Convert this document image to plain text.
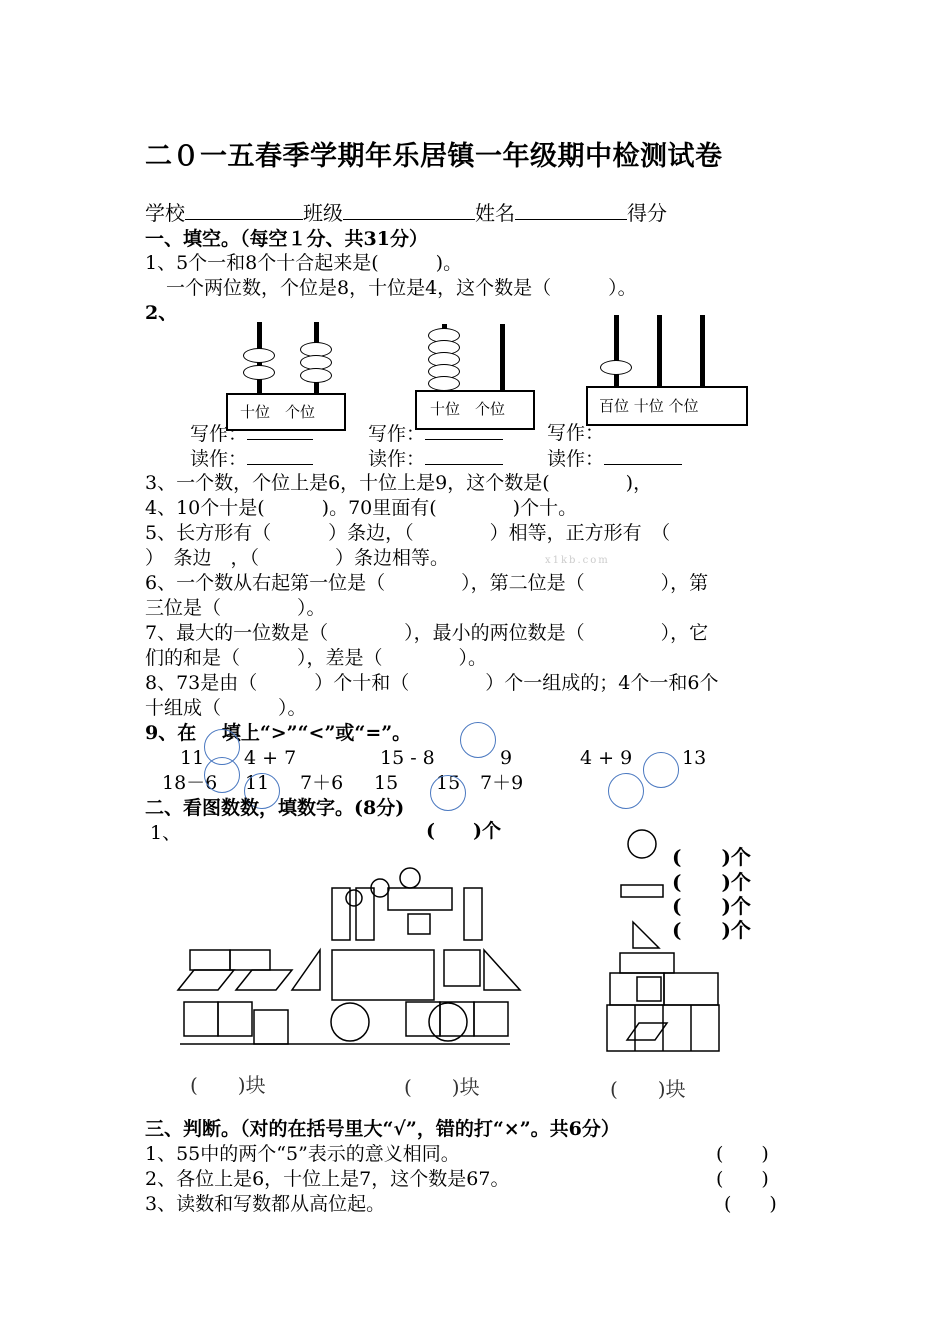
二０一五春季学期年乐居镇一年级期中检测试卷
学校	班级	姓名	得分
一、填空。（每空１分、共31分）
1、5个一和8个十合起来是(　　　)。
一个两位数，个位是8，十位是4，这个数是（　　　）。
2、
十位　个位	十位　个位	百位 十位 个位
写作：
读作：
写作：
读作：
写作：
读作：
3、一个数，个位上是6，十位上是9，这个数是(　　　　)，
4、10个十是(　　　)。70里面有(　　　　)个十。
5、长方形有（　　　）条边，（　　　　）相等，正方形有　（
）　条边　，（　　　　）条边相等。	x1kb.com
6、一个数从右起第一位是（　　　　），第二位是（　　　　），第
三位是（　　　　）。
7、最大的一位数是（　　　　），最小的两位数是（　　　　），它
们的和是（　　　），差是（　　　　）。
8、73是由（　　　）个十和（　　　　）个一组成的；4个一和6个
十组成（　　　）。
9、在　 填上“>”“<”或“=”。
11 4 + 7	15 - 8	9	4 + 9	13
18－6 11 7＋6 15 15 7＋9
二、看图数数，填数字。(8分)
1、	(　　)个
(　　)个
(　　)个
(　　)个
(　　)个
(　　)块	(　　)块	(　　)块
三、判断。（对的在括号里大“√”，错的打“×”。共6分）
1、55中的两个“5”表示的意义相同。	(　　)
2、各位上是6，十位上是7，这个数是67。	(　　)
3、读数和写数都从高位起。	(　　)
